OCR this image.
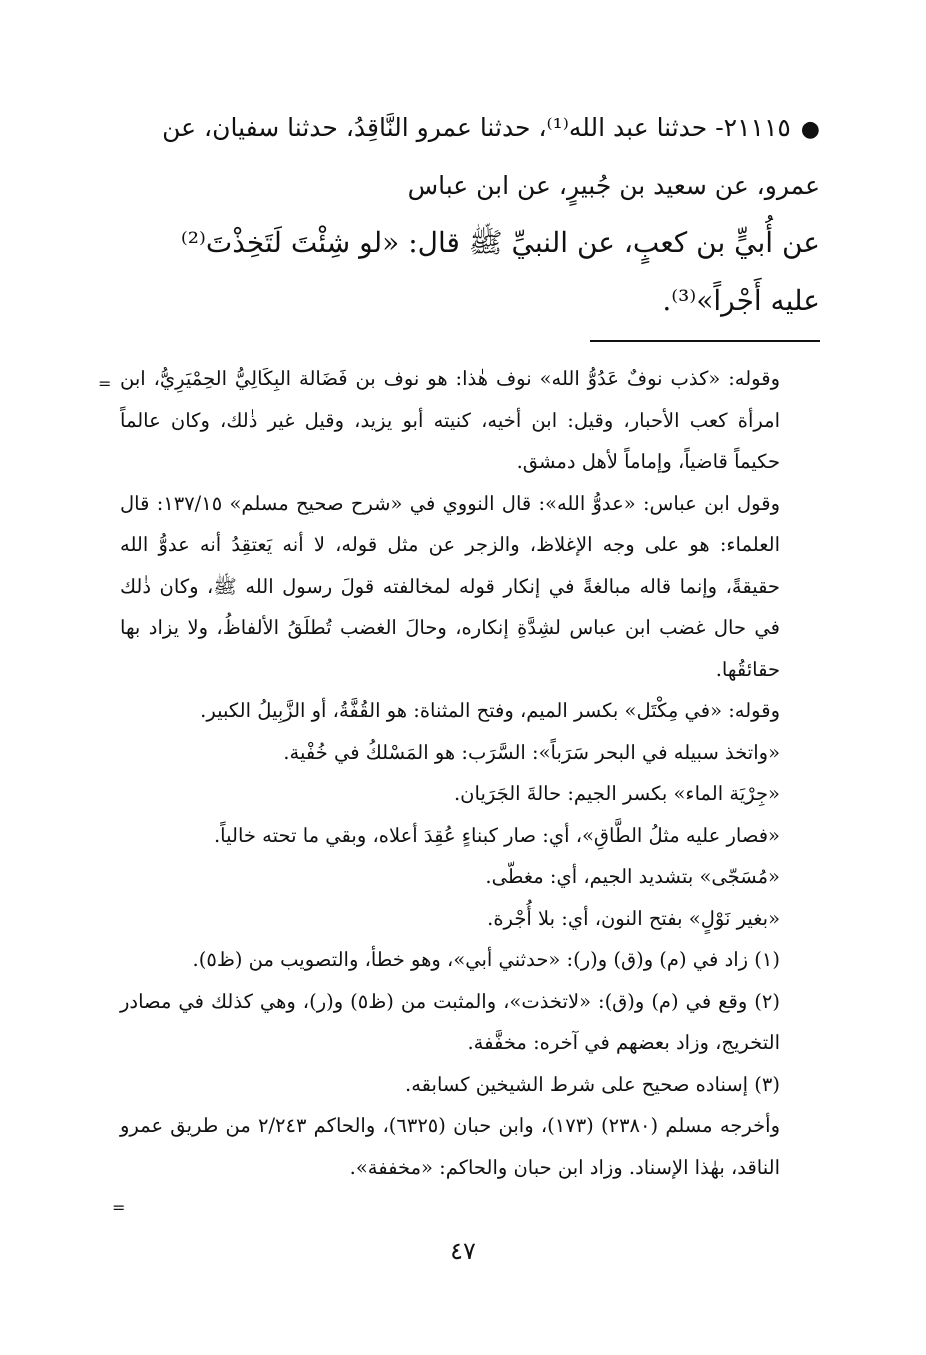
●٢١١١٥- حدثنا عبد الله⁽¹⁾، حدثنا عمرو النَّاقِدُ، حدثنا سفيان، عن

عمرو، عن سعيد بن جُبيرٍ، عن ابن عباس

عن أُبيٍّ بن كعبٍ، عن النبيِّ ﷺ قال: «لو شِئْتَ لَتَخِذْتَ⁽²⁾

عليه أَجْراً»⁽³⁾.

= وقوله: «كذب نوفٌ عَدُوُّ الله» نوف هٰذا: هو نوف بن فَضَالة البِكَالِيُّ الحِمْيَرِيُّ، ابن امرأة كعب الأحبار، وقيل: ابن أخيه، كنيته أبو يزيد، وقيل غير ذٰلك، وكان عالماً حكيماً قاضياً، وإماماً لأهل دمشق.

وقول ابن عباس: «عدوُّ الله»: قال النووي في «شرح صحيح مسلم» ١٣٧/١٥: قال العلماء: هو على وجه الإغلاظ، والزجر عن مثل قوله، لا أنه يَعتقِدُ أنه عدوُّ الله حقيقةً، وإنما قاله مبالغةً في إنكار قوله لمخالفته قولَ رسول الله ﷺ، وكان ذٰلك في حال غضب ابن عباس لشِدَّةِ إنكاره، وحالَ الغضب تُطلَقُ الألفاظُ، ولا يزاد بها حقائقُها.

وقوله: «في مِكْتَل» بكسر الميم، وفتح المثناة: هو القُفَّةُ، أو الزَّبِيلُ الكبير.

«واتخذ سبيله في البحر سَرَباً»: السَّرَب: هو المَسْلكُ في خُفْية.

«جِرْيَة الماء» بكسر الجيم: حالةَ الجَرَيان.

«فصار عليه مثلُ الطَّاقِ»، أي: صار كبناءٍ عُقِدَ أعلاه، وبقي ما تحته خالياً.

«مُسَجّى» بتشديد الجيم، أي: مغطّى.

«بغير نَوْلٍ» بفتح النون، أي: بلا أُجْرة.

(١) زاد في (م) و(ق) و(ر): «حدثني أبي»، وهو خطأ، والتصويب من (ظ٥).

(٢) وقع في (م) و(ق): «لاتخذت»، والمثبت من (ظ٥) و(ر)، وهي كذلك في مصادر التخريج، وزاد بعضهم في آخره: مخفَّفة.

(٣) إسناده صحيح على شرط الشيخين كسابقه.

وأخرجه مسلم (٢٣٨٠) (١٧٣)، وابن حبان (٦٣٢٥)، والحاكم ٢/٢٤٣ من طريق عمرو الناقد، بهٰذا الإسناد. وزاد ابن حبان والحاكم: «مخففة».

=
٤٧
